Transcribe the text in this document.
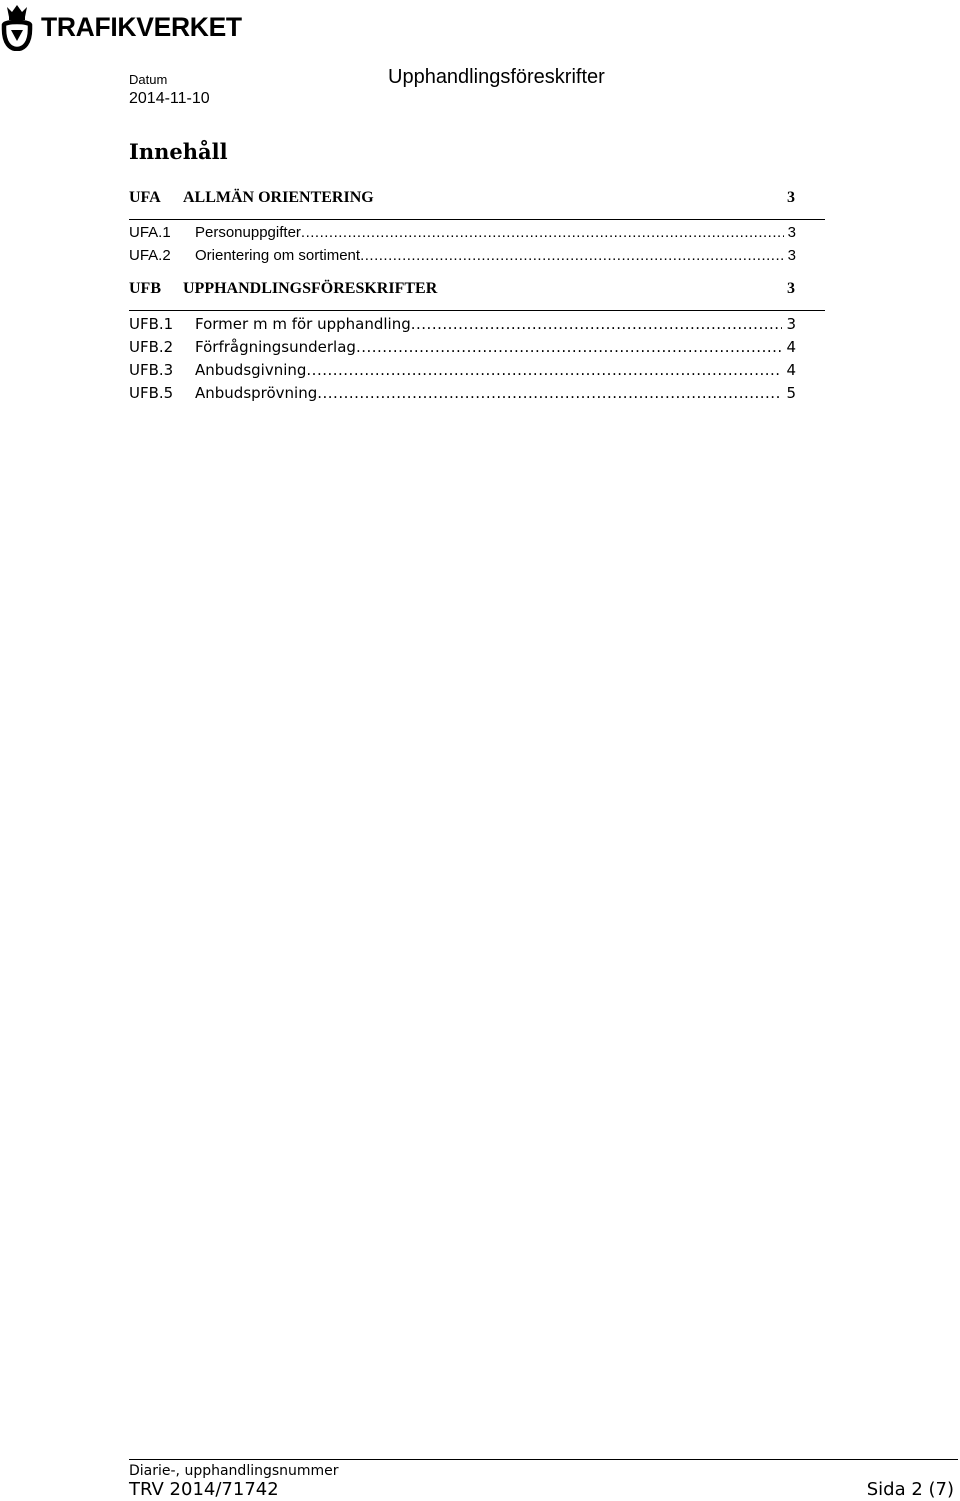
TRAFIKVERKET
Datum
2014-11-10
Upphandlingsföreskrifter
Innehåll
UFA ALLMÄN ORIENTERING	3
UFA.1	Personuppgifter .....	3
UFA.2	Orientering om sortiment .....	3
UFB UPPHANDLINGSFÖRESKRIFTER	3
UFB.1	Former m m för upphandling .....	3
UFB.2	Förfrågningsunderlag .....	4
UFB.3	Anbudsgivning .....	4
UFB.5	Anbudsprövning .....	5
Diarie-, upphandlingsnummer
TRV 2014/71742	Sida 2 (7)
